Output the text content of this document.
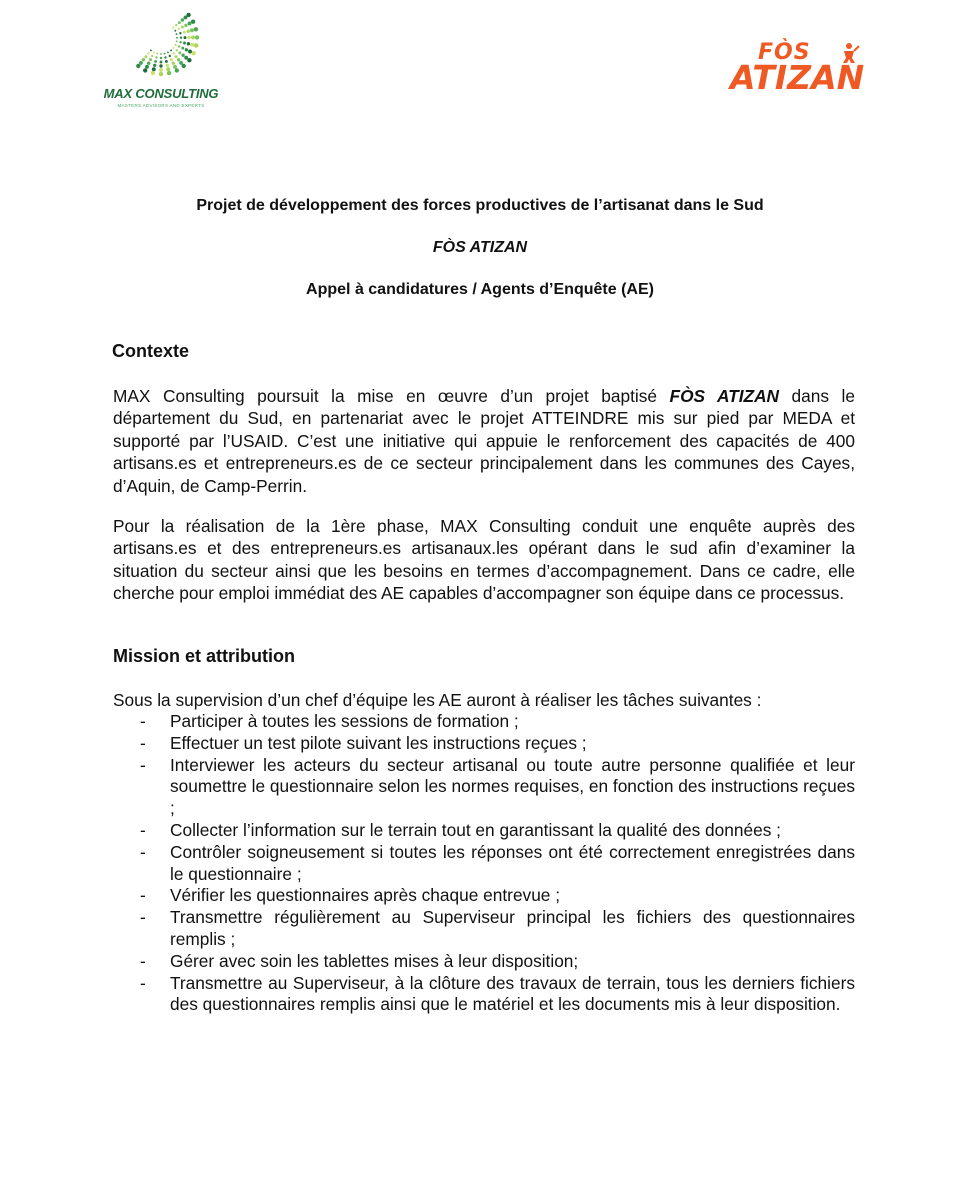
MAX CONSULTING
MASTERS ADVISORS AND EXPERTS
FÒS
ATIZAN

Projet de développement des forces productives de l’artisanat dans le Sud

FÒS ATIZAN

Appel à candidatures / Agents d’Enquête (AE)

Contexte

MAX Consulting poursuit la mise en œuvre d’un projet baptisé FÒS ATIZAN dans le département du Sud, en partenariat avec le projet ATTEINDRE mis sur pied par MEDA et supporté par l’USAID. C’est une initiative qui appuie le renforcement des capacités de 400 artisans.es et entrepreneurs.es de ce secteur principalement dans les communes des Cayes, d’Aquin, de Camp-Perrin.

Pour la réalisation de la 1ère phase, MAX Consulting conduit une enquête auprès des artisans.es et des entrepreneurs.es artisanaux.les opérant dans le sud afin d’examiner la situation du secteur ainsi que les besoins en termes d’accompagnement. Dans ce cadre, elle cherche pour emploi immédiat des AE capables d’accompagner son équipe dans ce processus.

Mission et attribution

Sous la supervision d’un chef d’équipe les AE auront à réaliser les tâches suivantes :

- Participer à toutes les sessions de formation ;
- Effectuer un test pilote suivant les instructions reçues ;
- Interviewer les acteurs du secteur artisanal ou toute autre personne qualifiée et leur soumettre le questionnaire selon les normes requises, en fonction des instructions reçues ;
- Collecter l’information sur le terrain tout en garantissant la qualité des données ;
- Contrôler soigneusement si toutes les réponses ont été correctement enregistrées dans le questionnaire ;
- Vérifier les questionnaires après chaque entrevue ;
- Transmettre régulièrement au Superviseur principal les fichiers des questionnaires remplis ;
- Gérer avec soin les tablettes mises à leur disposition;
- Transmettre au Superviseur, à la clôture des travaux de terrain, tous les derniers fichiers des questionnaires remplis ainsi que le matériel et les documents mis à leur disposition.
